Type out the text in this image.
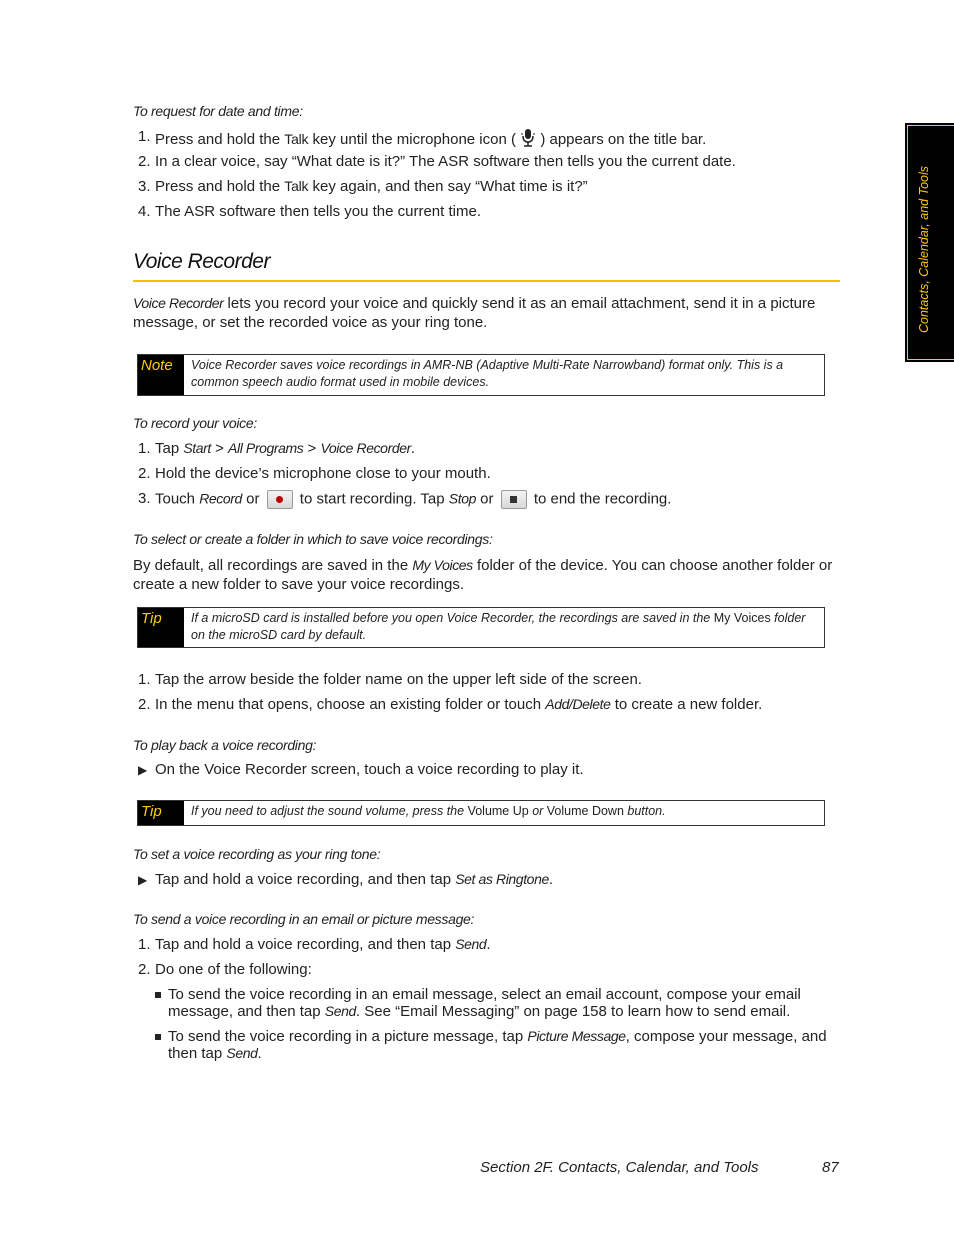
Contacts, Calendar, and Tools
To request for date and time:
1. Press and hold the Talk key until the microphone icon ( ) appears on the title bar.
2. In a clear voice, say “What date is it?” The ASR software then tells you the current date.
3. Press and hold the Talk key again, and then say “What time is it?”
4. The ASR software then tells you the current time.
Voice Recorder
Voice Recorder lets you record your voice and quickly send it as an email attachment, send it in a picture message, or set the recorded voice as your ring tone.
Note	Voice Recorder saves voice recordings in AMR-NB (Adaptive Multi-Rate Narrowband) format only. This is a common speech audio format used in mobile devices.
To record your voice:
1. Tap Start > All Programs > Voice Recorder.
2. Hold the device’s microphone close to your mouth.
3. Touch Record or
to start recording. Tap Stop or
to end the recording.
To select or create a folder in which to save voice recordings:
By default, all recordings are saved in the My Voices folder of the device. You can choose another folder or create a new folder to save your voice recordings.
Tip	If a microSD card is installed before you open Voice Recorder, the recordings are saved in the My Voices folder on the microSD card by default.
1. Tap the arrow beside the folder name on the upper left side of the screen.
2. In the menu that opens, choose an existing folder or touch Add/Delete to create a new folder.
To play back a voice recording:
▶ On the Voice Recorder screen, touch a voice recording to play it.
Tip	If you need to adjust the sound volume, press the Volume Up or Volume Down button.
To set a voice recording as your ring tone:
▶ Tap and hold a voice recording, and then tap Set as Ringtone.
To send a voice recording in an email or picture message:
1. Tap and hold a voice recording, and then tap Send.
2. Do one of the following:
To send the voice recording in an email message, select an email account, compose your email
message, and then tap Send. See “Email Messaging” on page 158 to learn how to send email.
To send the voice recording in a picture message, tap Picture Message, compose your message, and
then tap Send.
Section 2F. Contacts, Calendar, and Tools	87
